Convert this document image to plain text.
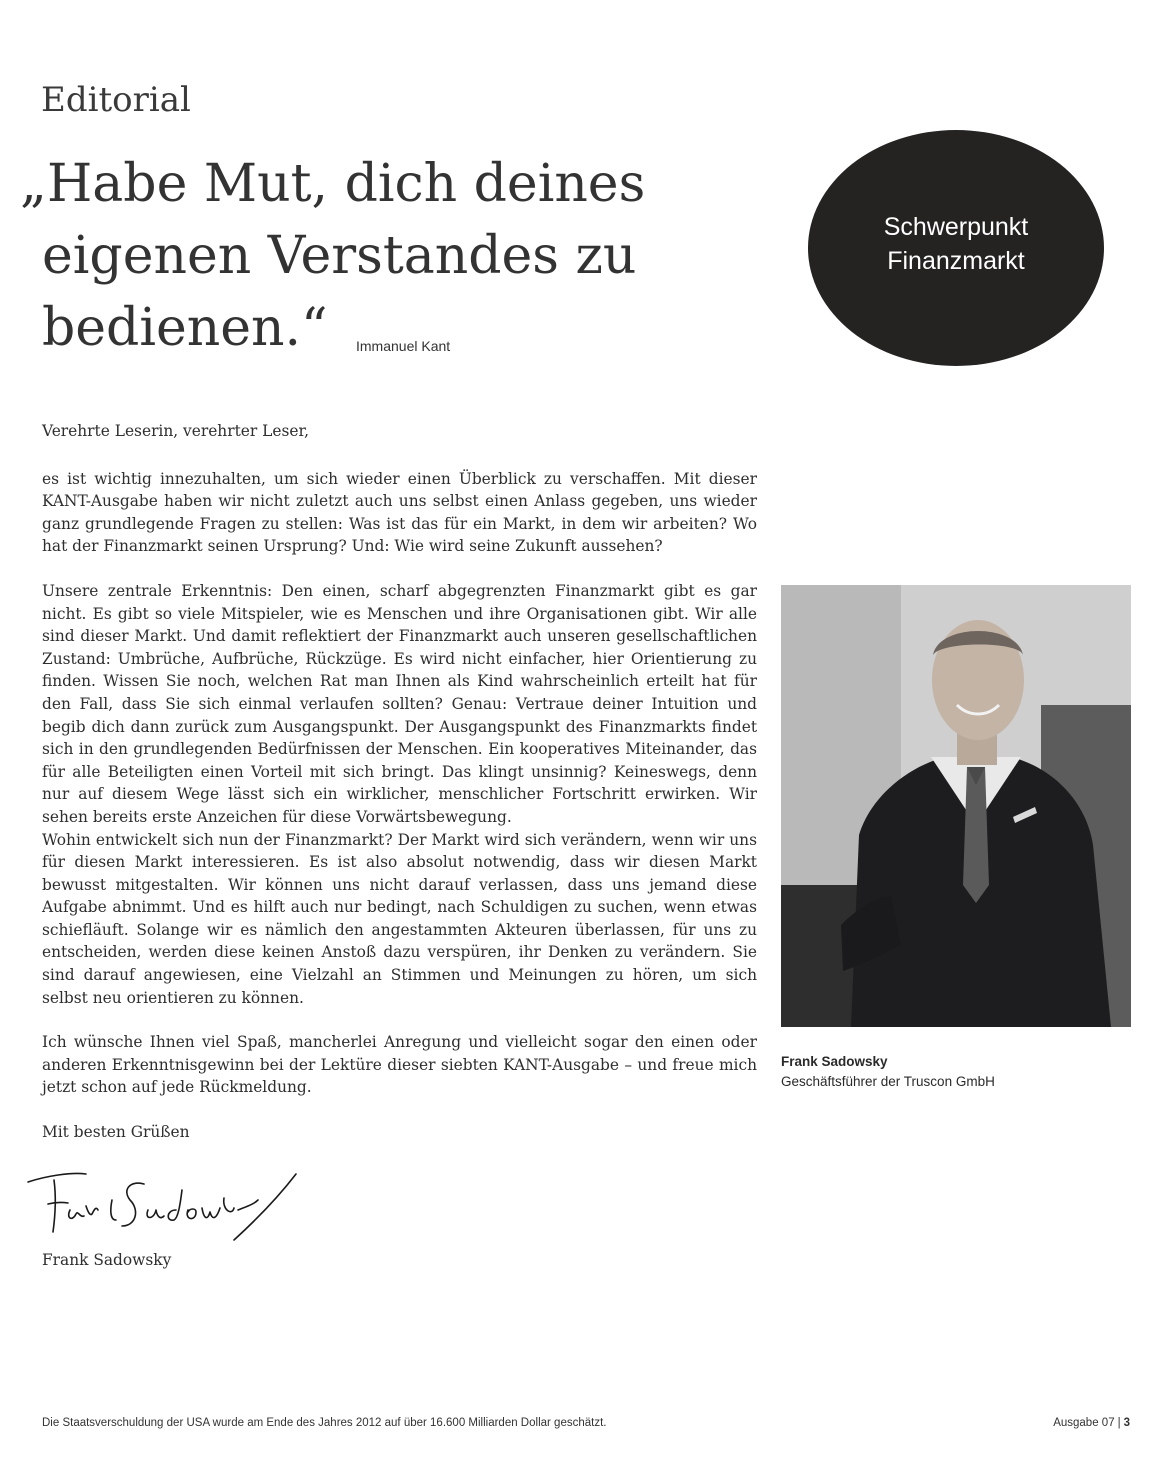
Editorial
„Habe Mut, dich deines
eigenen Verstandes zu
bedienen.“	Immanuel Kant
Schwerpunkt
Finanzmarkt

Verehrte Leserin, verehrter Leser,

es ist wichtig innezuhalten, um sich wieder einen Überblick zu verschaffen. Mit dieser KANT-Ausgabe haben wir nicht zuletzt auch uns selbst einen Anlass gegeben, uns wieder ganz grundlegende Fragen zu stellen: Was ist das für ein Markt, in dem wir arbeiten? Wo hat der Finanzmarkt seinen Ursprung? Und: Wie wird seine Zukunft aussehen?

Unsere zentrale Erkenntnis: Den einen, scharf abgegrenzten Finanzmarkt gibt es gar nicht. Es gibt so viele Mitspieler, wie es Menschen und ihre Organisationen gibt. Wir alle sind dieser Markt. Und damit reflektiert der Finanzmarkt auch unseren gesellschaftlichen Zustand: Umbrüche, Aufbrüche, Rückzüge. Es wird nicht einfacher, hier Orientierung zu finden. Wissen Sie noch, welchen Rat man Ihnen als Kind wahrscheinlich erteilt hat für den Fall, dass Sie sich einmal verlaufen sollten? Genau: Vertraue deiner Intuition und begib dich dann zurück zum Ausgangspunkt. Der Ausgangspunkt des Finanzmarkts findet sich in den grundlegenden Bedürfnissen der Menschen. Ein kooperatives Miteinander, das für alle Beteiligten einen Vorteil mit sich bringt. Das klingt unsinnig? Keineswegs, denn nur auf diesem Wege lässt sich ein wirklicher, menschlicher Fortschritt erwirken. Wir sehen bereits erste Anzeichen für diese Vorwärtsbewegung.

Wohin entwickelt sich nun der Finanzmarkt? Der Markt wird sich verändern, wenn wir uns für diesen Markt interessieren. Es ist also absolut notwendig, dass wir diesen Markt bewusst mitgestalten. Wir können uns nicht darauf verlassen, dass uns jemand diese Aufgabe abnimmt. Und es hilft auch nur bedingt, nach Schuldigen zu suchen, wenn etwas schiefläuft. Solange wir es nämlich den angestammten Akteuren überlassen, für uns zu entscheiden, werden diese keinen Anstoß dazu verspüren, ihr Denken zu verändern. Sie sind darauf angewiesen, eine Vielzahl an Stimmen und Meinungen zu hören, um sich selbst neu orientieren zu können.

Ich wünsche Ihnen viel Spaß, mancherlei Anregung und vielleicht sogar den einen oder anderen Erkenntnisgewinn bei der Lektüre dieser siebten KANT-Ausgabe – und freue mich jetzt schon auf jede Rückmeldung.

Mit besten Grüßen

Frank Sadowsky
Frank Sadowsky
Geschäftsführer der Truscon GmbH
Die Staatsverschuldung der USA wurde am Ende des Jahres 2012 auf über 16.600 Milliarden Dollar geschätzt.	Ausgabe 07 | 3
